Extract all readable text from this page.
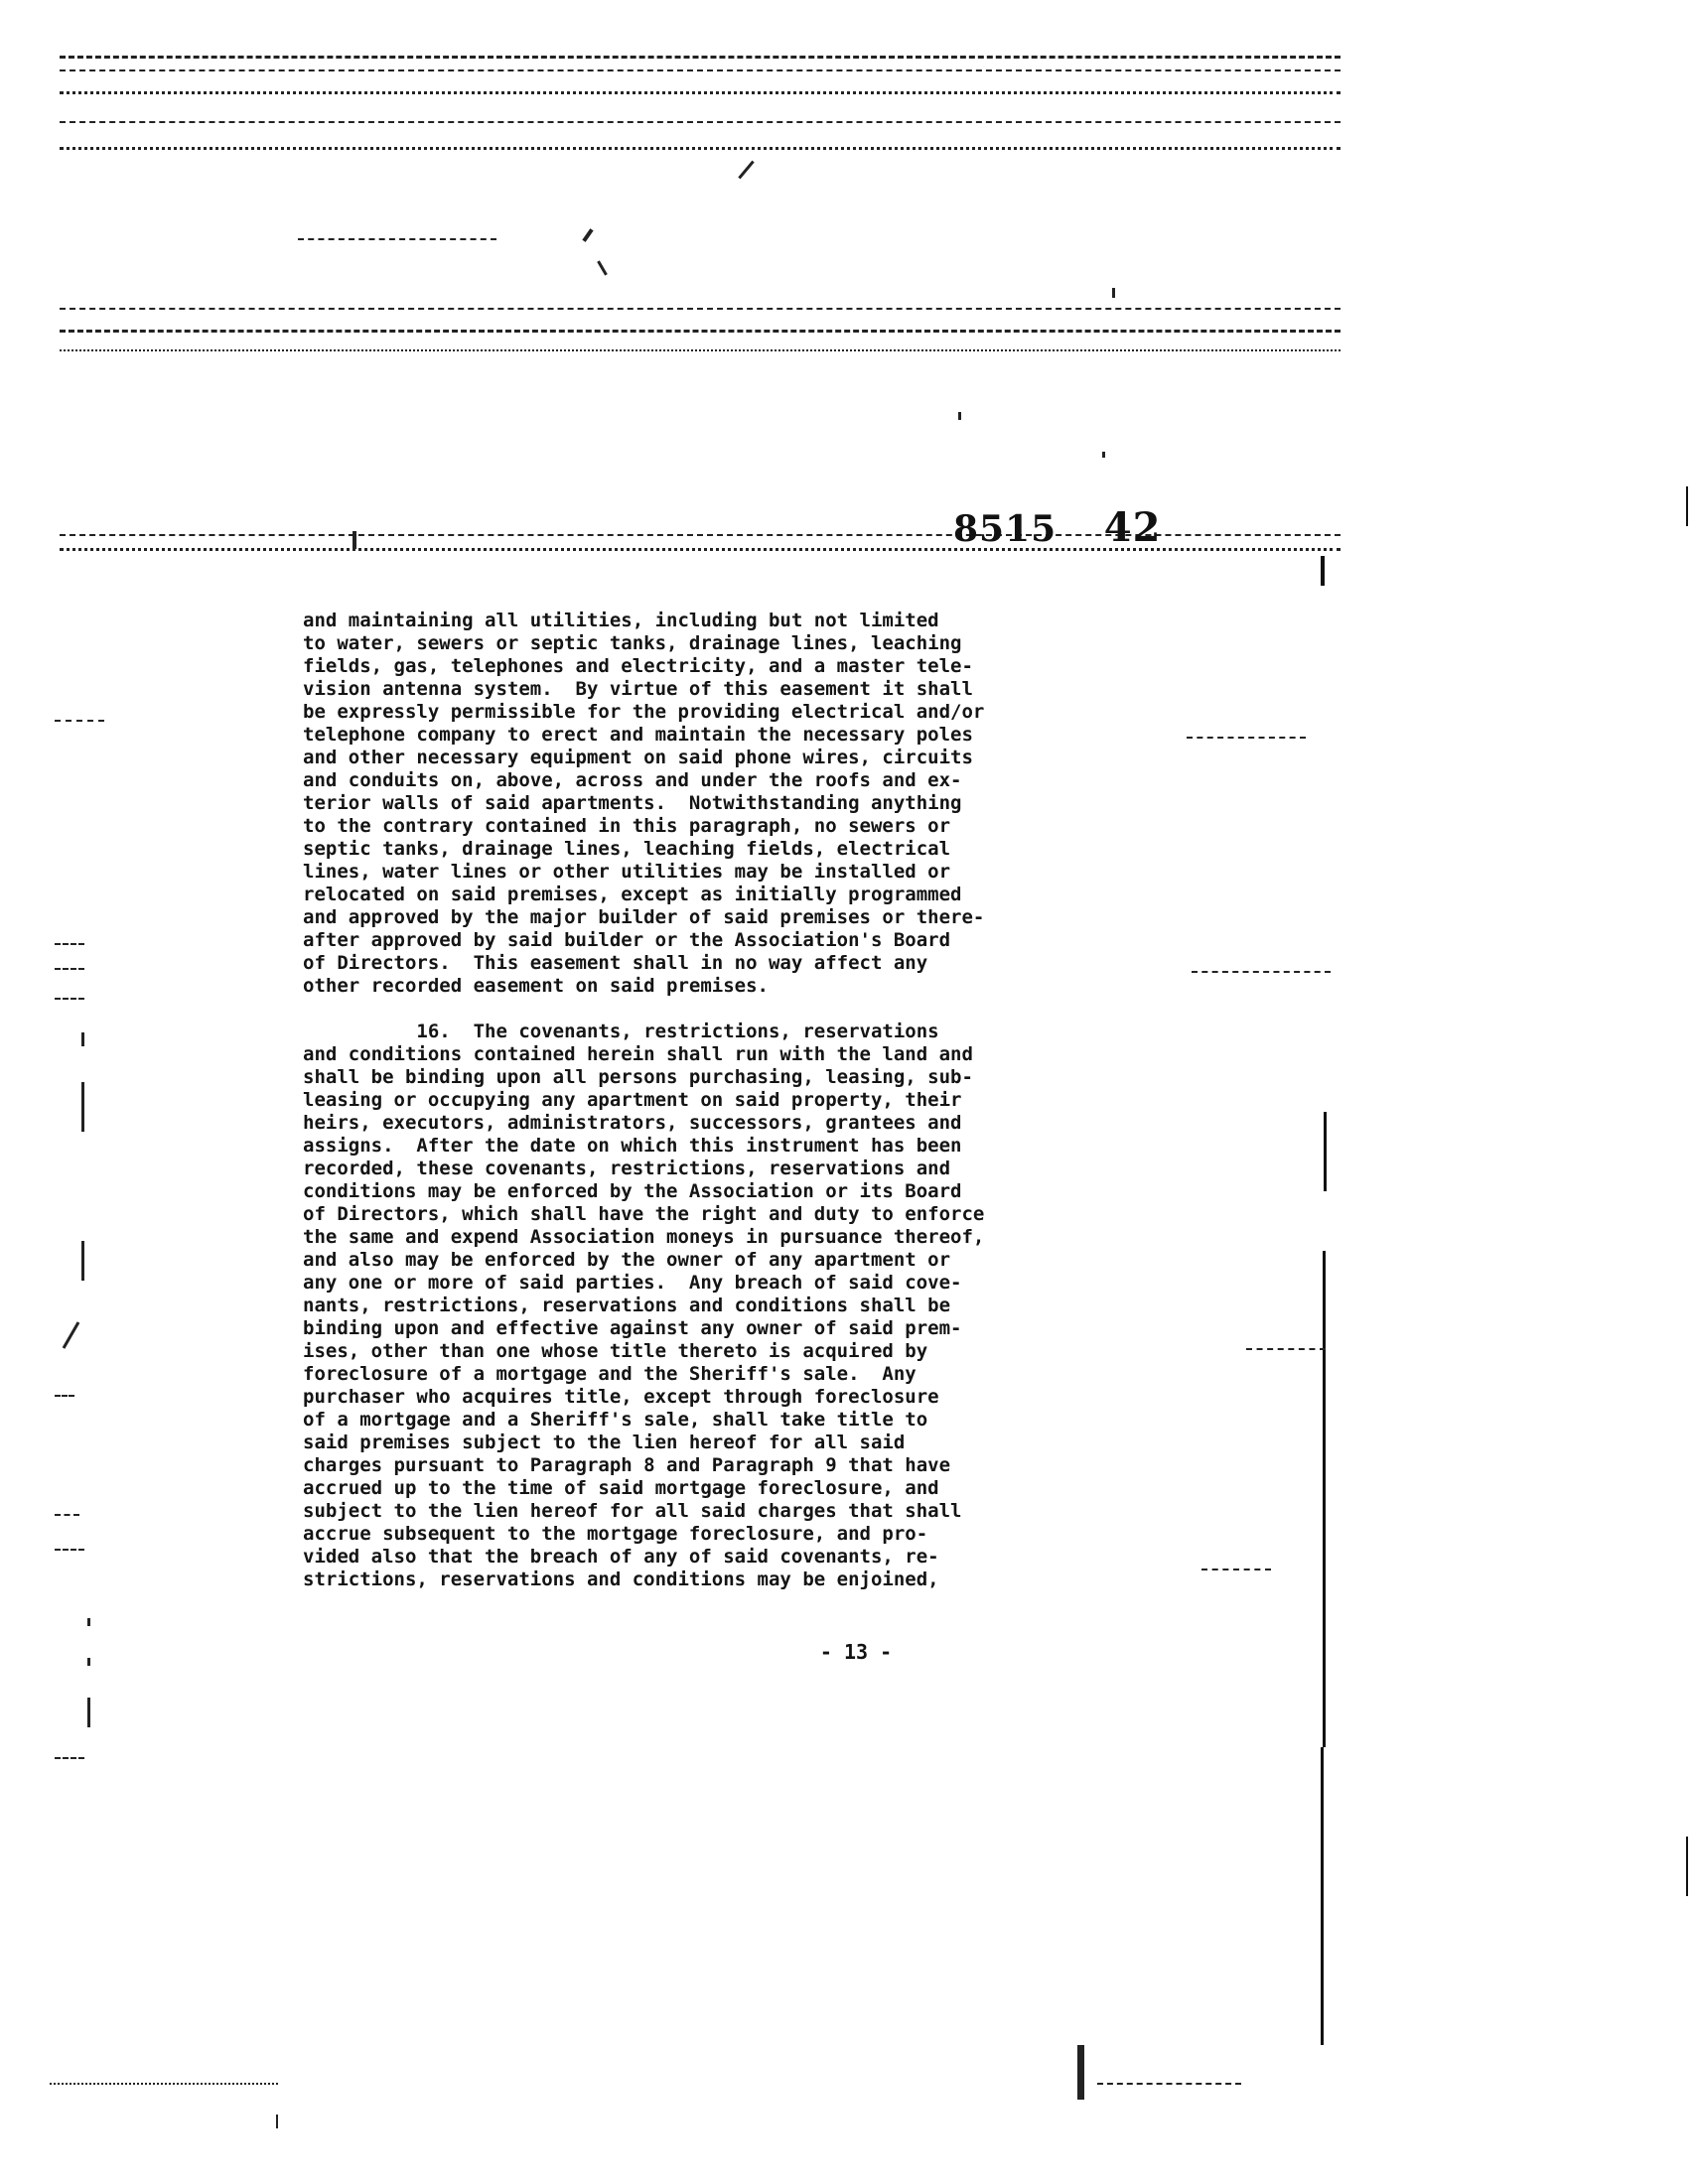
8515 42
and maintaining all utilities, including but not limited
to water, sewers or septic tanks, drainage lines, leaching
fields, gas, telephones and electricity, and a master tele-
vision antenna system.  By virtue of this easement it shall
be expressly permissible for the providing electrical and/or
telephone company to erect and maintain the necessary poles
and other necessary equipment on said phone wires, circuits
and conduits on, above, across and under the roofs and ex-
terior walls of said apartments.  Notwithstanding anything
to the contrary contained in this paragraph, no sewers or
septic tanks, drainage lines, leaching fields, electrical
lines, water lines or other utilities may be installed or
relocated on said premises, except as initially programmed
and approved by the major builder of said premises or there-
after approved by said builder or the Association's Board
of Directors.  This easement shall in no way affect any
other recorded easement on said premises.
16.  The covenants, restrictions, reservations
and conditions contained herein shall run with the land and
shall be binding upon all persons purchasing, leasing, sub-
leasing or occupying any apartment on said property, their
heirs, executors, administrators, successors, grantees and
assigns.  After the date on which this instrument has been
recorded, these covenants, restrictions, reservations and
conditions may be enforced by the Association or its Board
of Directors, which shall have the right and duty to enforce
the same and expend Association moneys in pursuance thereof,
and also may be enforced by the owner of any apartment or
any one or more of said parties.  Any breach of said cove-
nants, restrictions, reservations and conditions shall be
binding upon and effective against any owner of said prem-
ises, other than one whose title thereto is acquired by
foreclosure of a mortgage and the Sheriff's sale.  Any
purchaser who acquires title, except through foreclosure
of a mortgage and a Sheriff's sale, shall take title to
said premises subject to the lien hereof for all said
charges pursuant to Paragraph 8 and Paragraph 9 that have
accrued up to the time of said mortgage foreclosure, and
subject to the lien hereof for all said charges that shall
accrue subsequent to the mortgage foreclosure, and pro-
vided also that the breach of any of said covenants, re-
strictions, reservations and conditions may be enjoined,
- 13 -
